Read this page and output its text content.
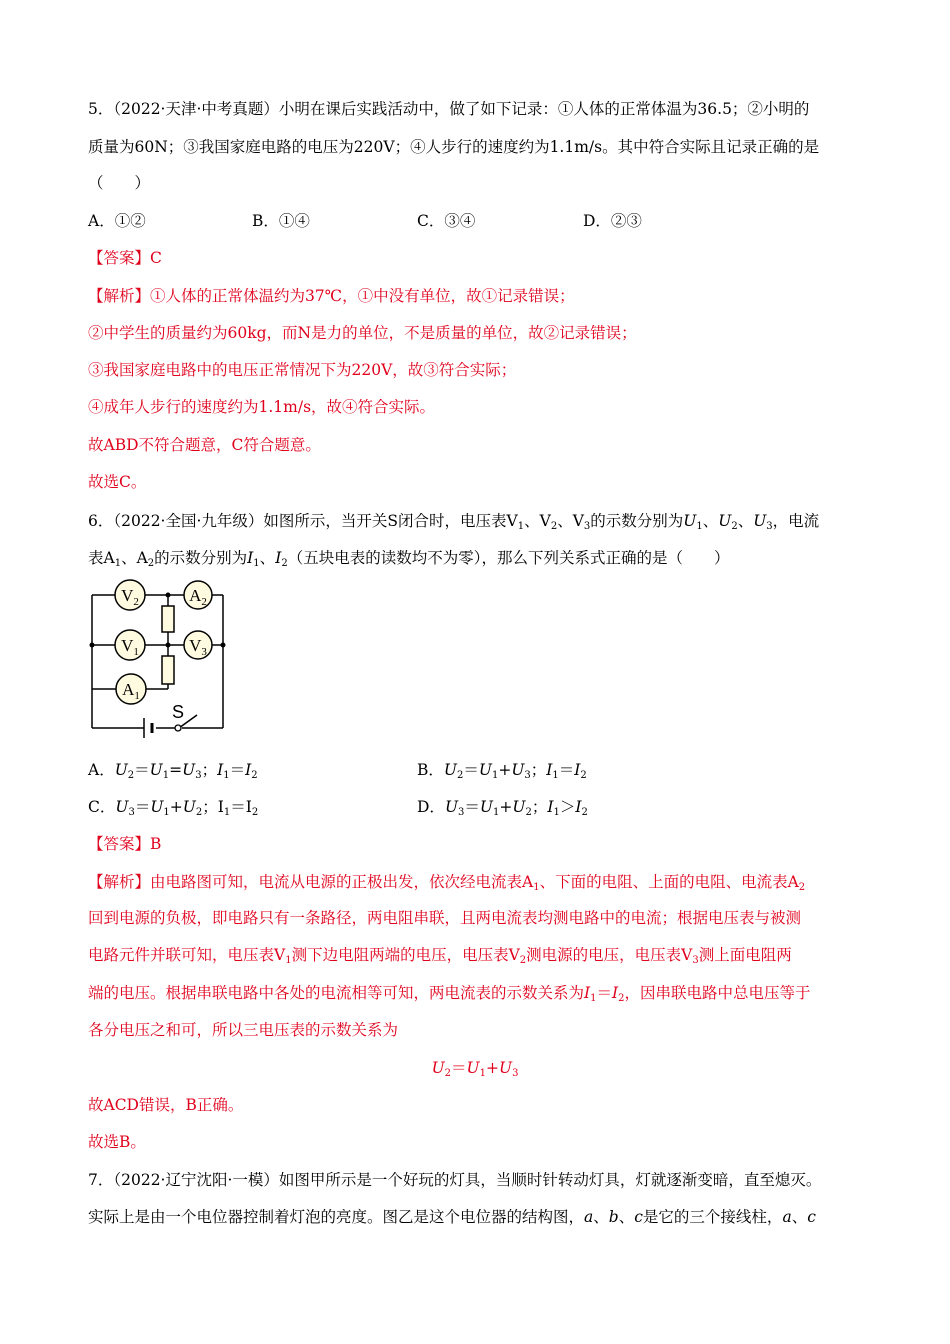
5．（2022·天津·中考真题）小明在课后实践活动中，做了如下记录：①人体的正常体温为36.5；②小明的
质量为60N；③我国家庭电路的电压为220V；④人步行的速度约为1.1m/s。其中符合实际且记录正确的是
（　　）
A．①②	B．①④	C．③④	D．②③
【答案】C
【解析】①人体的正常体温约为37℃，①中没有单位，故①记录错误；
②中学生的质量约为60kg，而N是力的单位，不是质量的单位，故②记录错误；
③我国家庭电路中的电压正常情况下为220V，故③符合实际；
④成年人步行的速度约为1.1m/s，故④符合实际。
故ABD不符合题意，C符合题意。
故选C。
6．（2022·全国·九年级）如图所示，当开关S闭合时，电压表$V_1$、$V_2$、$V_3$的示数分别为$U_1$、$U_2$、$U_3$，电流
表$A_1$、$A_2$的示数分别为$I_1$、$I_2$（五块电表的读数均不为零），那么下列关系式正确的是（　　）
S
$V_2$	$A_2$
$V_1$	$V_3$
$A_1$
A．$U_2=U_1=U_3$；$I_1=I_2$	B．$U_2=U_1+U_3$；$I_1=I_2$
C．$U_3=U_1+U_2$；$I_1=I_2$	D．$U_3=U_1+U_2$；$I_1>I_2$
【答案】B
【解析】由电路图可知，电流从电源的正极出发，依次经电流表$A_1$、下面的电阻、上面的电阻、电流表$A_2$
回到电源的负极，即电路只有一条路径，两电阻串联，且两电流表均测电路中的电流；根据电压表与被测
电路元件并联可知，电压表$V_1$测下边电阻两端的电压，电压表$V_2$测电源的电压，电压表$V_3$测上面电阻两
端的电压。根据串联电路中各处的电流相等可知，两电流表的示数关系为$I_1=I_2$，因串联电路中总电压等于
各分电压之和可，所以三电压表的示数关系为
$U_2=U_1+U_3$
故ACD错误，B正确。
故选B。
7．（2022·辽宁沈阳·一模）如图甲所示是一个好玩的灯具，当顺时针转动灯具，灯就逐渐变暗，直至熄灭。
实际上是由一个电位器控制着灯泡的亮度。图乙是这个电位器的结构图，a、b、c是它的三个接线柱，a、c
